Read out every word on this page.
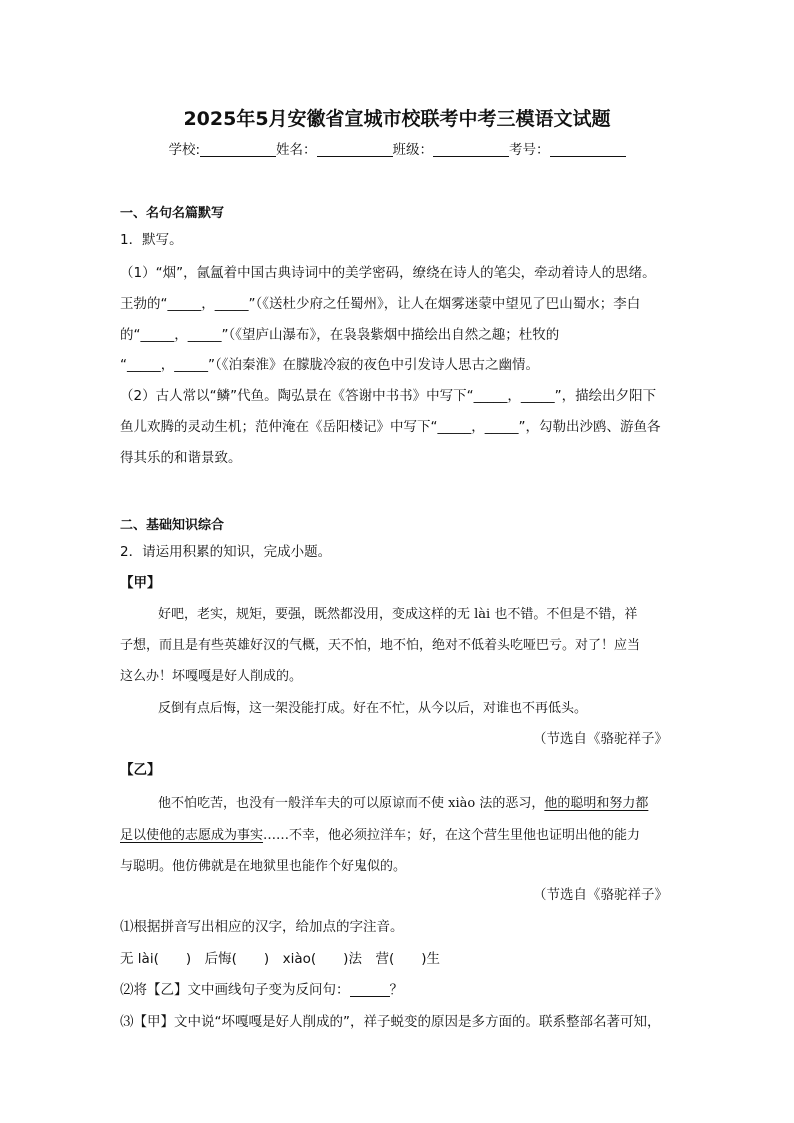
2025年5月安徽省宣城市校联考中考三模语文试题
学校:	姓名：	班级：	考号：
一、名句名篇默写
1．默写。
（1）“烟”，氤氲着中国古典诗词中的美学密码，缭绕在诗人的笔尖，牵动着诗人的思绪。
王勃的“_____，_____”（《送杜少府之任蜀州》，让人在烟雾迷蒙中望见了巴山蜀水；李白
的“_____，_____”（《望庐山瀑布》，在袅袅紫烟中描绘出自然之趣；杜牧的
“_____，_____”（《泊秦淮》在朦胧冷寂的夜色中引发诗人思古之幽情。
（2）古人常以“鳞”代鱼。陶弘景在《答谢中书书》中写下“_____，_____”，描绘出夕阳下
鱼儿欢腾的灵动生机；范仲淹在《岳阳楼记》中写下“_____，_____”，勾勒出沙鸥、游鱼各
得其乐的和谐景致。
二、基础知识综合
2．请运用积累的知识，完成小题。
【甲】
好吧，老实，规矩，要强，既然都没用，变成这样的无 lài 也不错。不但是不错，祥
子想，而且是有些英雄好汉的气概，天不怕，地不怕，绝对不低着头吃哑巴亏。对了！应当
这么办！坏嘎嘎是好人削成的。
反倒有点后悔，这一架没能打成。好在不忙，从今以后，对谁也不再低头。
（节选自《骆驼祥子》
【乙】
他不怕吃苦，也没有一般洋车夫的可以原谅而不使 xiào 法的恶习，他的聪明和努力都
足以使他的志愿成为事实……不幸，他必须拉洋车；好，在这个营生里他也证明出他的能力
与聪明。他仿佛就是在地狱里也能作个好鬼似的。
（节选自《骆驼祥子》
⑴根据拼音写出相应的汉字，给加点的字注音。
无 lài(　　)　后悔(　　)　xiào(　　)法　营(　　)生
⑵将【乙】文中画线句子变为反问句：	？
⑶【甲】文中说“坏嘎嘎是好人削成的”，祥子蜕变的原因是多方面的。联系整部名著可知，
